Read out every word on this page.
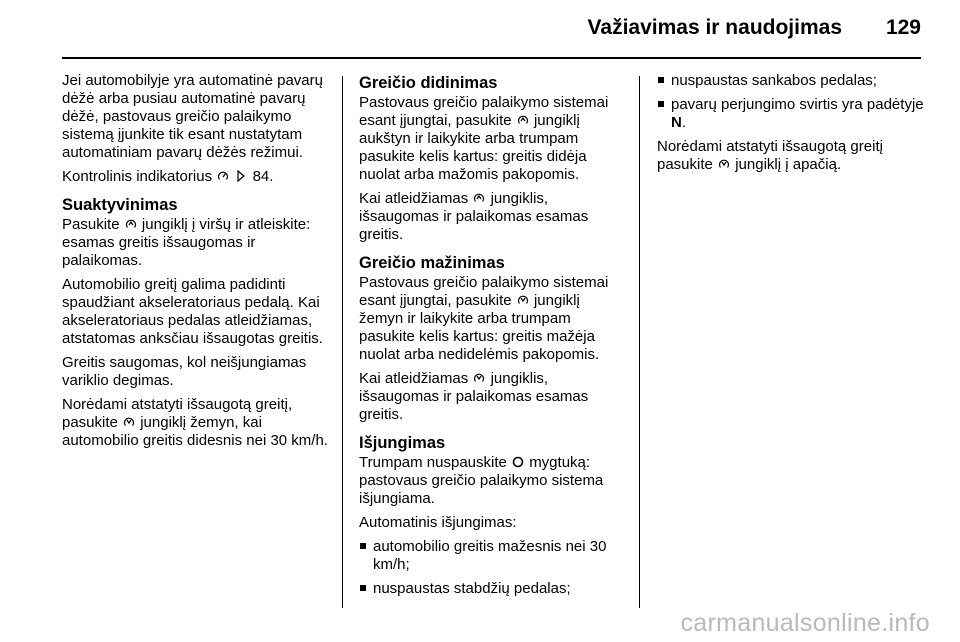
Važiavimas ir naudojimas 129

Jei automobilyje yra automatinė pavarų dėžė arba pusiau automatinė pavarų dėžė, pastovaus greičio palaikymo sistemą įjunkite tik esant nustatytam automatiniam pavarų dėžės režimui.

Kontrolinis indikatorius
	84.

Suaktyvinimas

Pasukite jungiklį į viršų ir atleiskite: esamas greitis išsaugomas ir palaikomas.

Automobilio greitį galima padidinti spaudžiant akseleratoriaus pedalą. Kai akseleratoriaus pedalas atleidžiamas, atstatomas anksčiau išsaugotas greitis.

Greitis saugomas, kol neišjungiamas variklio degimas.

Norėdami atstatyti išsaugotą greitį, pasukite jungiklį žemyn, kai automobilio greitis didesnis nei 30 km/h.

Greičio didinimas

Pastovaus greičio palaikymo sistemai esant įjungtai, pasukite jungiklį aukštyn ir laikykite arba trumpam pasukite kelis kartus: greitis didėja nuolat arba mažomis pakopomis.

Kai atleidžiamas jungiklis, išsaugomas ir palaikomas esamas greitis.

Greičio mažinimas

Pastovaus greičio palaikymo sistemai esant įjungtai, pasukite jungiklį žemyn ir laikykite arba trumpam pasukite kelis kartus: greitis mažėja nuolat arba nedidelėmis pakopomis.

Kai atleidžiamas jungiklis, išsaugomas ir palaikomas esamas greitis.

Išjungimas

Trumpam nuspauskite mygtuką: pastovaus greičio palaikymo sistema išjungiama.

Automatinis išjungimas:

automobilio greitis mažesnis nei 30 km/h;
nuspaustas stabdžių pedalas;
nuspaustas sankabos pedalas;
pavarų perjungimo svirtis yra padėtyje N.

Norėdami atstatyti išsaugotą greitį pasukite jungiklį į apačią.

carmanualsonline.info
